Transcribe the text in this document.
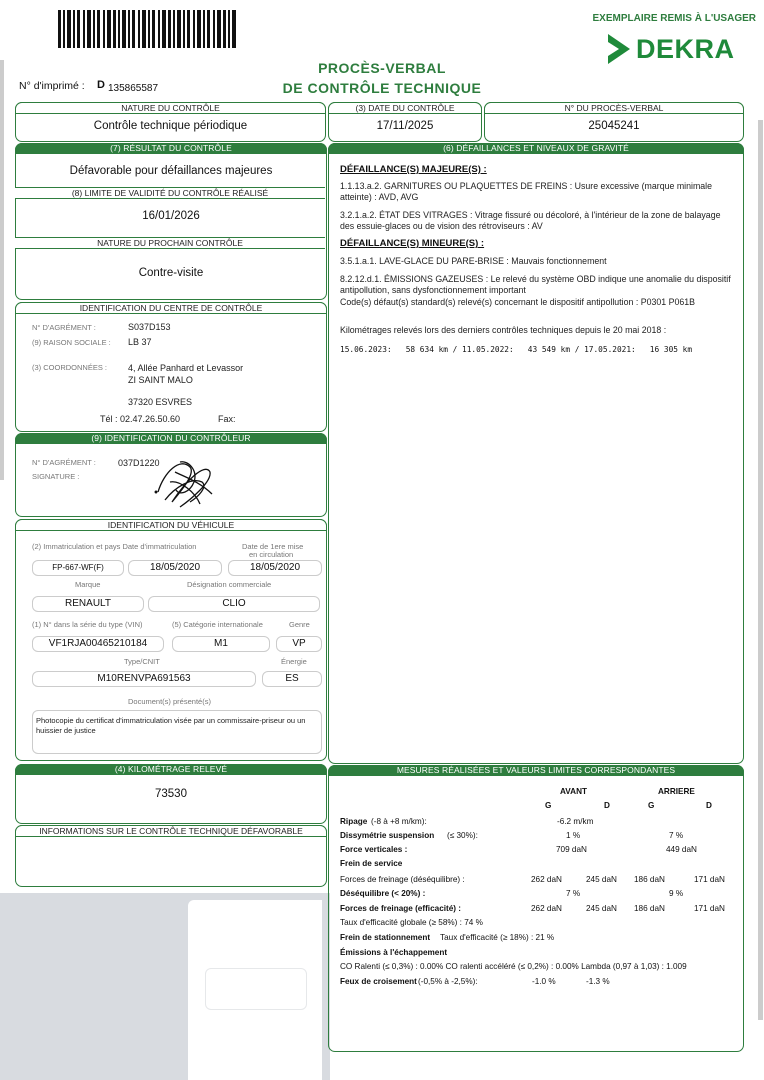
EXEMPLAIRE REMIS À L'USAGER
DEKRA
PROCÈS-VERBAL
DE CONTRÔLE TECHNIQUE
N° d'imprimé : D 135865587
NATURE DU CONTRÔLE
Contrôle technique périodique
(3) DATE DU CONTRÔLE
17/11/2025
N° DU PROCÈS-VERBAL
25045241
(7) RÉSULTAT DU CONTRÔLE
Défavorable pour défaillances majeures
(8) LIMITE DE VALIDITÉ DU CONTRÔLE RÉALISÉ
16/01/2026
NATURE DU PROCHAIN CONTRÔLE
Contre-visite
IDENTIFICATION DU CENTRE DE CONTRÔLE
N° D'AGRÉMENT :	S037D153
(9) RAISON SOCIALE : LB 37
(3) COORDONNÉES : 4, Allée Panhard et Levassor
ZI SAINT MALO
37320 ESVRES
Tél : 02.47.26.50.60	Fax:
(9) IDENTIFICATION DU CONTRÔLEUR
N° D'AGRÉMENT : 037D1220
SIGNATURE :
IDENTIFICATION DU VÉHICULE
(2) Immatriculation et pays Date d'immatriculation	Date de 1ere mise
en circulation
FP-667-WF(F)	18/05/2020	18/05/2020
Marque	Désignation commerciale
RENAULT	CLIO
(1) N° dans la série du type (VIN)	(5) Catégorie internationale	Genre
VF1RJA00465210184	M1	VP
Type/CNIT	Énergie
M10RENVPA691563	ES
Document(s) présenté(s)
Photocopie du certificat d'immatriculation visée par un commissaire-priseur ou un huissier de justice
(4) KILOMÉTRAGE RELEVÉ
73530
INFORMATIONS SUR LE CONTRÔLE TECHNIQUE DÉFAVORABLE
(6) DÉFAILLANCES ET NIVEAUX DE GRAVITÉ
DÉFAILLANCE(S) MAJEURE(S) :
1.1.13.a.2. GARNITURES OU PLAQUETTES DE FREINS : Usure excessive (marque minimale atteinte) : AVD, AVG
3.2.1.a.2. ÉTAT DES VITRAGES : Vitrage fissuré ou décoloré, à l'intérieur de la zone de balayage des essuie-glaces ou de vision des rétroviseurs : AV
DÉFAILLANCE(S) MINEURE(S) :
3.5.1.a.1. LAVE-GLACE DU PARE-BRISE : Mauvais fonctionnement
8.2.12.d.1. ÉMISSIONS GAZEUSES : Le relevé du système OBD indique une anomalie du dispositif antipollution, sans dysfonctionnement important
Code(s) défaut(s) standard(s) relevé(s) concernant le dispositif antipollution : P0301 P061B
Kilométrages relevés lors des derniers contrôles techniques depuis le 20 mai 2018 :
15.06.2023:   58 634 km / 11.05.2022:   43 549 km / 17.05.2021:   16 305 km
MESURES RÉALISÉES ET VALEURS LIMITES CORRESPONDANTES
AVANT	ARRIERE
G	D	G	D
Ripage (-8 à +8 m/km):	-6.2 m/km
Dissymétrie suspension (≤ 30%):	1 %	7 %
Force verticales :	709 daN	449 daN
Frein de service
Forces de freinage (déséquilibre) :	262 daN	245 daN 186 daN	171 daN
Déséquilibre (< 20%) :	7 %	9 %
Forces de freinage (efficacité) :	262 daN	245 daN 186 daN	171 daN
Taux d'efficacité globale (≥ 58%) : 74 %
Frein de stationnement Taux d'efficacité (≥ 18%) : 21 %
Émissions à l'échappement
CO Ralenti (≤ 0,3%) : 0.00% CO ralenti accéléré (≤ 0,2%) : 0.00% Lambda (0,97 à 1,03) : 1.009
Feux de croisement (-0,5% à -2,5%):	-1.0 %	-1.3 %
